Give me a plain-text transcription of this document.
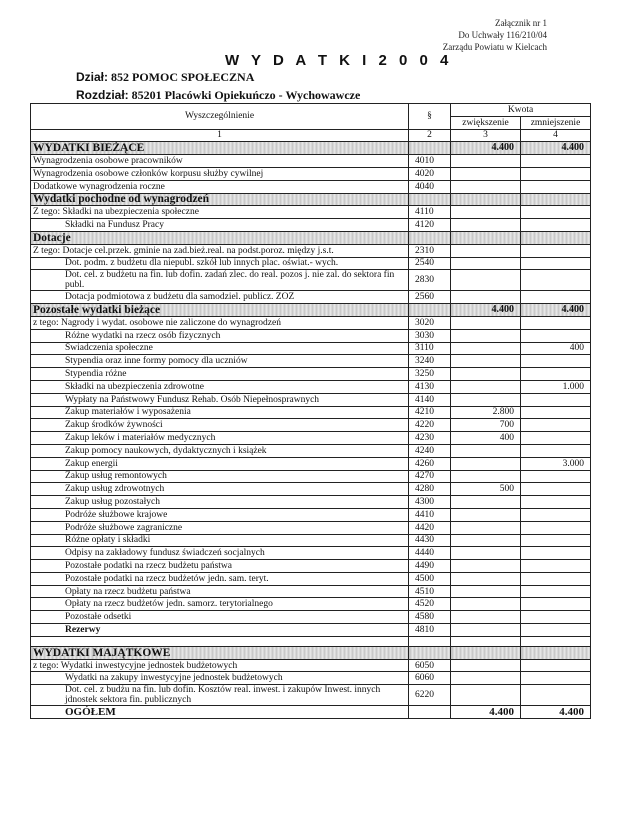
Załącznik nr 1
Do Uchwały 116/210/04
Zarządu Powiatu w Kielcach
W Y D A T K I 2 0 0 4
Dział: 852 POMOC SPOŁECZNA
Rozdział: 85201 Placówki Opiekuńczo - Wychowawcze
Wyszczególnienie	§	Kwota	
		zwiększenie	zmniejszenie
1	2	3	4
WYDATKI BIEŻĄCE		4.400	4.400
Wynagrodzenia osobowe pracowników	4010		
Wynagrodzenia osobowe członków korpusu służby cywilnej	4020		
Dodatkowe wynagrodzenia roczne	4040		
Wydatki pochodne od wynagrodzeń			
Z tego: Składki na ubezpieczenia społeczne	4110		
Składki na Fundusz Pracy	4120		
Dotacje			
Z tego: Dotacje cel.przek. gminie na zad.bież.real. na podst.poroz. między j.s.t.	2310		
Dot. podm. z budżetu dla niepubl. szkół lub innych plac. oświat.- wych.	2540		
Dot. cel. z budżetu na fin. lub dofin. zadań zlec. do real. pozos j. nie zal. do sektora fin publ.	2830		
Dotacja podmiotowa z budżetu dla samodziel. publicz. ZOZ	2560		
Pozostałe wydatki bieżące		4.400	4.400
z tego: Nagrody i wydat. osobowe nie zaliczone do wynagrodzeń	3020		
Różne wydatki na rzecz osób fizycznych	3030		
Świadczenia społeczne	3110		400
Stypendia oraz inne formy pomocy dla uczniów	3240		
Stypendia różne	3250		
Składki na ubezpieczenia zdrowotne	4130		1.000
Wypłaty na Państwowy Fundusz Rehab. Osób Niepełnosprawnych	4140		
Zakup materiałów i wyposażenia	4210	2.800	
Zakup środków żywności	4220	700	
Zakup leków i materiałów medycznych	4230	400	
Zakup pomocy naukowych, dydaktycznych i książek	4240		
Zakup energii	4260		3.000
Zakup usług remontowych	4270		
Zakup usług zdrowotnych	4280	500	
Zakup usług pozostałych	4300		
Podróże służbowe krajowe	4410		
Podróże służbowe zagraniczne	4420		
Różne opłaty i składki	4430		
Odpisy na zakładowy fundusz świadczeń socjalnych	4440		
Pozostałe podatki na rzecz budżetu państwa	4490		
Pozostałe podatki na rzecz budżetów jedn. sam. teryt.	4500		
Opłaty na rzecz budżetu państwa	4510		
Opłaty na rzecz budżetów jedn. samorz. terytorialnego	4520		
Pozostałe odsetki	4580		
Rezerwy	4810		

WYDATKI MAJĄTKOWE			
z tego: Wydatki inwestycyjne jednostek budżetowych	6050		
Wydatki na zakupy inwestycyjne jednostek budżetowych	6060		
Dot. cel. z budżu na fin. lub dofin. Kosztów real. inwest. i zakupów Inwest. innych jdnostek sektora fin. publicznych	6220		
OGÓŁEM		4.400	4.400
